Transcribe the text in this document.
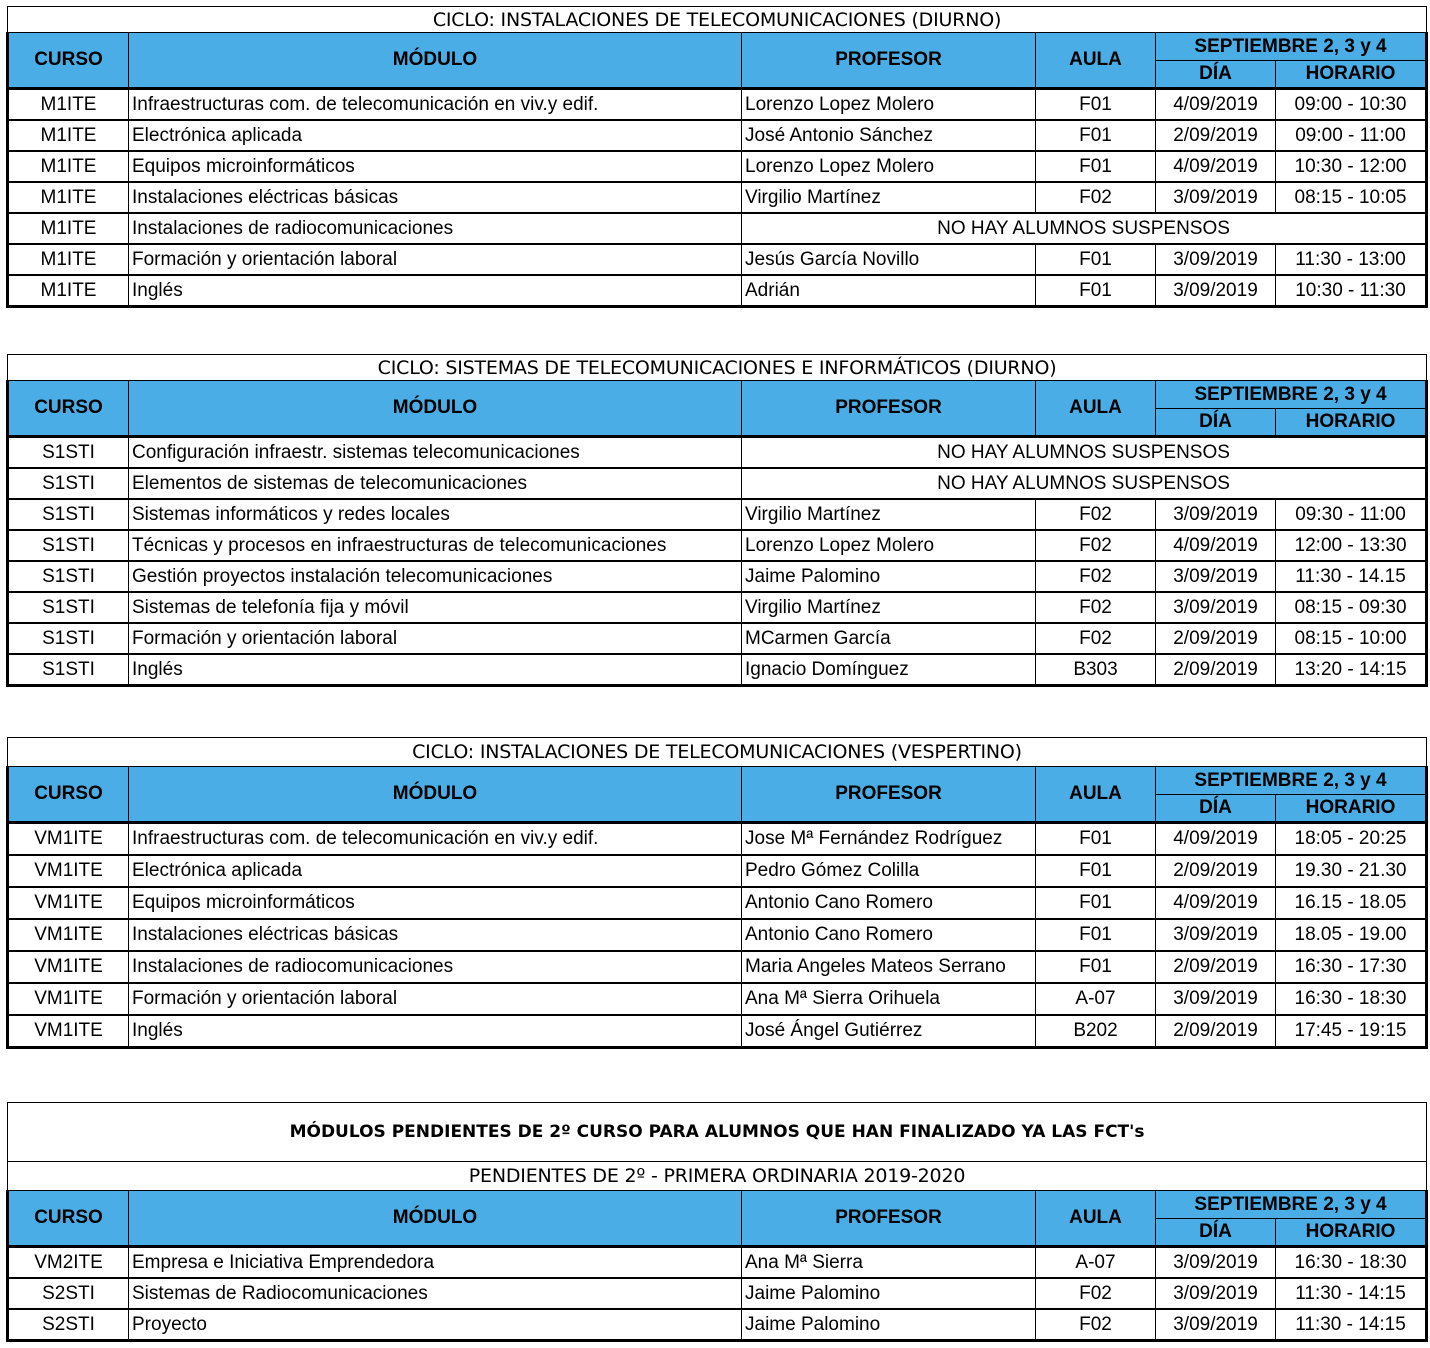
CICLO: INSTALACIONES DE TELECOMUNICACIONES (DIURNO)					
CURSO	MÓDULO	PROFESOR	AULA	SEPTIEMBRE 2, 3 y 4	
				DÍA	HORARIO
M1ITE	Infraestructuras com. de telecomunicación en viv.y edif.	Lorenzo Lopez Molero	F01	4/09/2019	09:00 - 10:30
M1ITE	Electrónica aplicada	José Antonio Sánchez	F01	2/09/2019	09:00 - 11:00
M1ITE	Equipos microinformáticos	Lorenzo Lopez Molero	F01	4/09/2019	10:30 - 12:00
M1ITE	Instalaciones eléctricas básicas	Virgilio Martínez	F02	3/09/2019	08:15 - 10:05
M1ITE	Instalaciones de radiocomunicaciones	NO HAY ALUMNOS SUSPENSOS			
M1ITE	Formación y orientación laboral	Jesús García Novillo	F01	3/09/2019	11:30 - 13:00
M1ITE	Inglés	Adrián	F01	3/09/2019	10:30 - 11:30
CICLO: SISTEMAS DE TELECOMUNICACIONES E INFORMÁTICOS (DIURNO)					
CURSO	MÓDULO	PROFESOR	AULA	SEPTIEMBRE 2, 3 y 4	
				DÍA	HORARIO
S1STI	Configuración infraestr. sistemas telecomunicaciones	NO HAY ALUMNOS SUSPENSOS			
S1STI	Elementos de sistemas de telecomunicaciones	NO HAY ALUMNOS SUSPENSOS			
S1STI	Sistemas informáticos y redes locales	Virgilio Martínez	F02	3/09/2019	09:30 - 11:00
S1STI	Técnicas y procesos en infraestructuras de telecomunicaciones	Lorenzo Lopez Molero	F02	4/09/2019	12:00 - 13:30
S1STI	Gestión proyectos instalación telecomunicaciones	Jaime Palomino	F02	3/09/2019	11:30 - 14.15
S1STI	Sistemas de telefonía fija y móvil	Virgilio Martínez	F02	3/09/2019	08:15 - 09:30
S1STI	Formación y orientación laboral	MCarmen García	F02	2/09/2019	08:15 - 10:00
S1STI	Inglés	Ignacio Domínguez	B303	2/09/2019	13:20 - 14:15
CICLO: INSTALACIONES DE TELECOMUNICACIONES (VESPERTINO)					
CURSO	MÓDULO	PROFESOR	AULA	SEPTIEMBRE 2, 3 y 4	
				DÍA	HORARIO
VM1ITE	Infraestructuras com. de telecomunicación en viv.y edif.	Jose Mª Fernández Rodríguez	F01	4/09/2019	18:05 - 20:25
VM1ITE	Electrónica aplicada	Pedro Gómez Colilla	F01	2/09/2019	19.30 - 21.30
VM1ITE	Equipos microinformáticos	Antonio Cano Romero	F01	4/09/2019	16.15 - 18.05
VM1ITE	Instalaciones eléctricas básicas	Antonio Cano Romero	F01	3/09/2019	18.05 - 19.00
VM1ITE	Instalaciones de radiocomunicaciones	Maria Angeles Mateos Serrano	F01	2/09/2019	16:30 - 17:30
VM1ITE	Formación y orientación laboral	Ana Mª Sierra Orihuela	A-07	3/09/2019	16:30 - 18:30
VM1ITE	Inglés	José Ángel Gutiérrez	B202	2/09/2019	17:45 - 19:15
MÓDULOS PENDIENTES DE 2º CURSO PARA ALUMNOS QUE HAN FINALIZADO YA LAS FCT's					
PENDIENTES DE 2º - PRIMERA ORDINARIA 2019-2020					
CURSO	MÓDULO	PROFESOR	AULA	SEPTIEMBRE 2, 3 y 4	
				DÍA	HORARIO
VM2ITE	Empresa e Iniciativa Emprendedora	Ana Mª Sierra	A-07	3/09/2019	16:30 - 18:30
S2STI	Sistemas de Radiocomunicaciones	Jaime Palomino	F02	3/09/2019	11:30 - 14:15
S2STI	Proyecto	Jaime Palomino	F02	3/09/2019	11:30 - 14:15
